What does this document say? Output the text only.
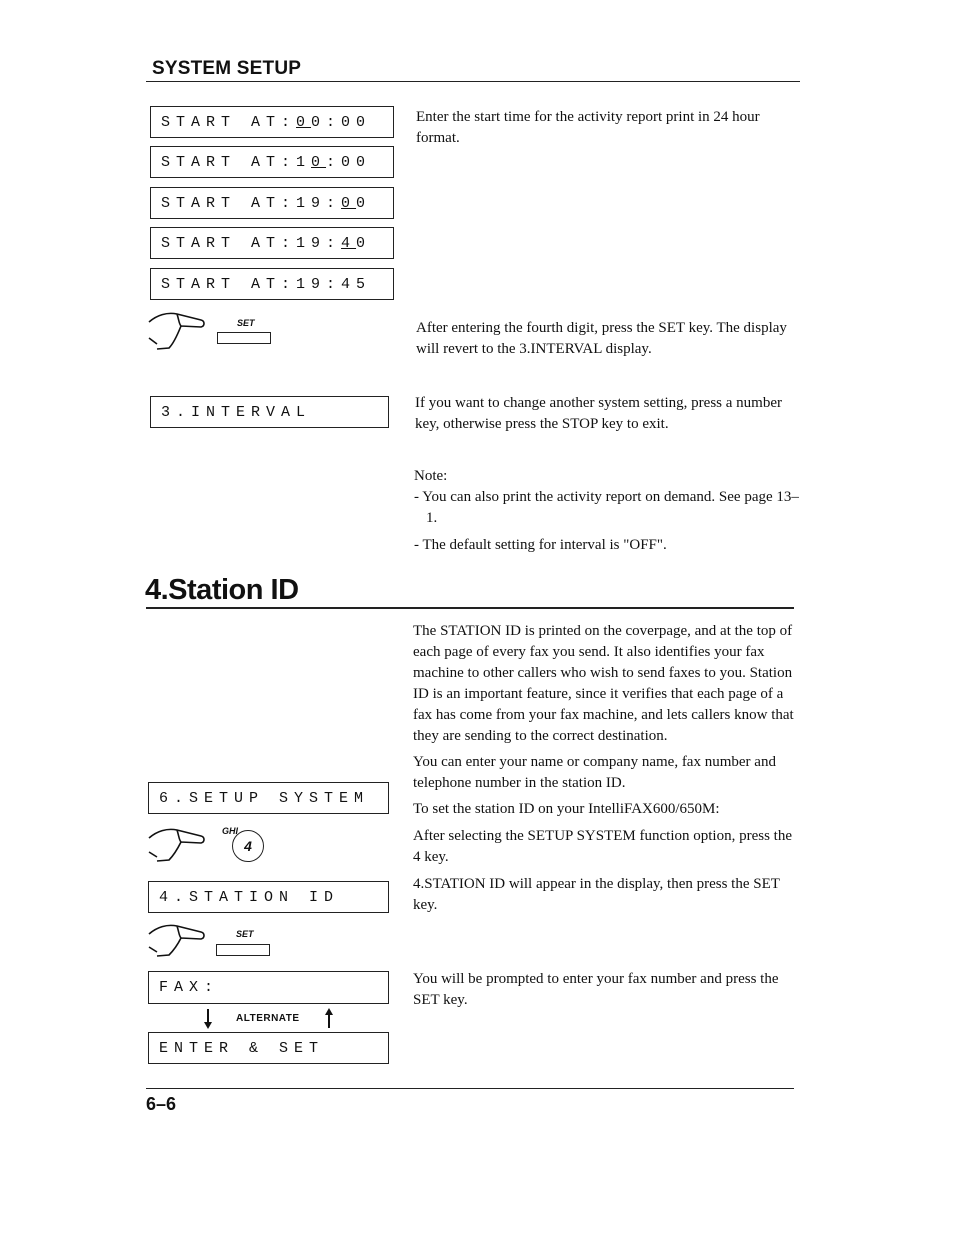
SYSTEM SETUP
START AT: 0 0:00
START AT:1 0 :00
START AT:19: 0 0
START AT:19: 4 0
START AT:19:45
SET
3.INTERVAL
Enter the start time for the activity report print in 24 hour format.
After entering the fourth digit, press the SET key. The display will revert to the 3.INTERVAL display.
If you want to change another system setting, press a number key, otherwise press the STOP key to exit.
Note:
- You can also print the activity report on demand. See page 13–1.
- The default setting for interval is "OFF".
4.Station ID
The STATION ID is printed on the coverpage, and at the top of each page of every fax you send. It also identifies your fax machine to other callers who wish to send faxes to you. Station ID is an important feature, since it verifies that each page of a fax has come from your fax machine, and lets callers know that they are sending to the correct destination.
You can enter your name or company name, fax number and telephone number in the station ID.
To set the station ID on your IntelliFAX600/650M:
After selecting the SETUP SYSTEM function option, press the 4 key.
4.STATION ID will appear in the display, then press the SET key.
You will be prompted to enter your fax number and press the SET key.
6.SETUP SYSTEM
GHI
4
4.STATION ID
SET
FAX:
ALTERNATE
ENTER & SET
6–6
